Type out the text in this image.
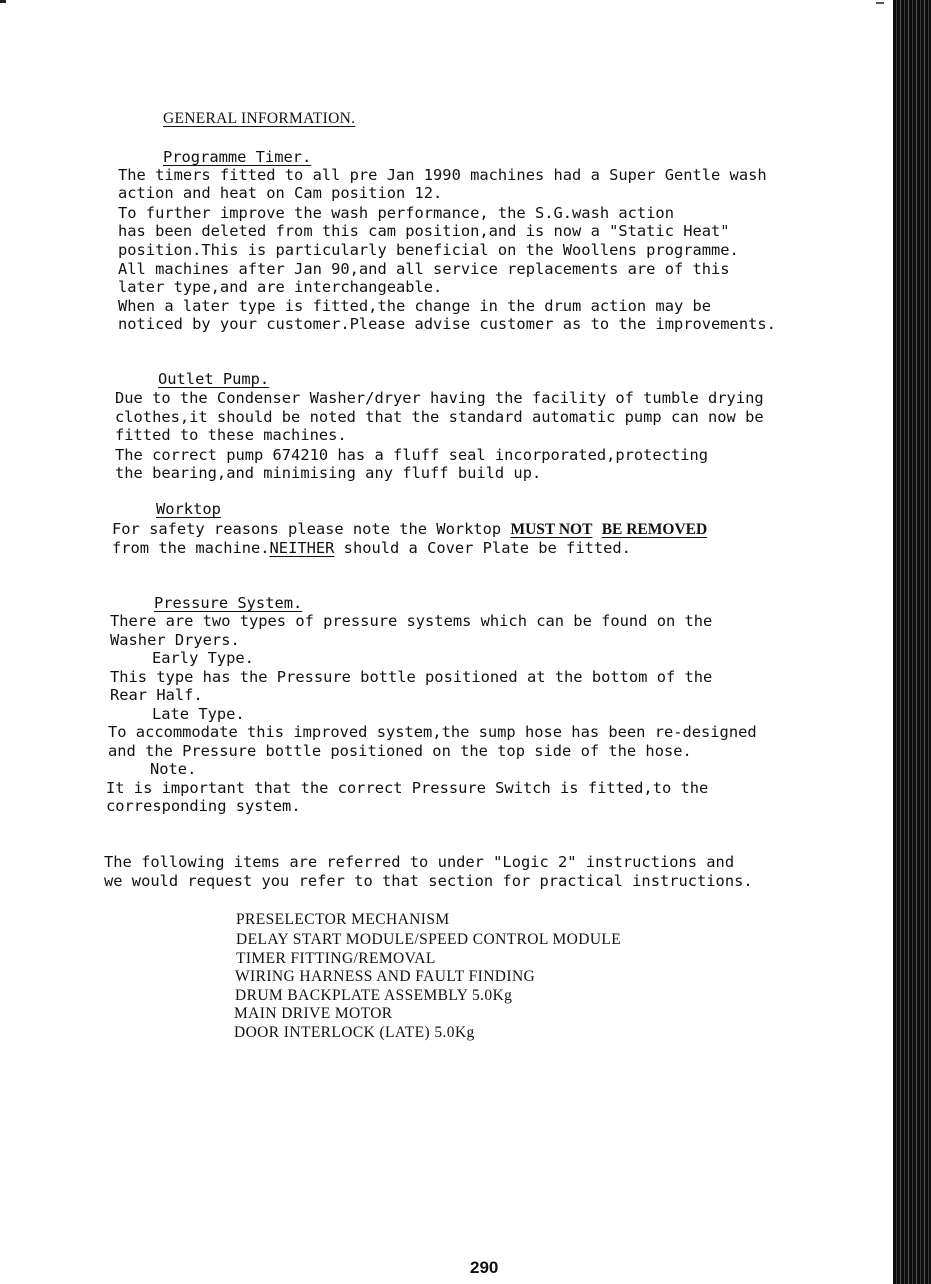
GENERAL INFORMATION.
Programme Timer.
The timers fitted to all pre Jan 1990 machines had a Super Gentle wash
action and heat on Cam position 12.
To further improve the wash performance, the S.G.wash action
has been deleted from this cam position,and is now a "Static Heat"
position.This is particularly beneficial on the Woollens programme.
All machines after Jan 90,and all service replacements are of this
later type,and are interchangeable.
When a later type is fitted,the change in the drum action may be
noticed by your customer.Please advise customer as to the improvements.
Outlet Pump.
Due to the Condenser Washer/dryer having the facility of tumble drying
clothes,it should be noted that the standard automatic pump can now be
fitted to these machines.
The correct pump 674210 has a fluff seal incorporated,protecting
the bearing,and minimising any fluff build up.
Worktop
For safety reasons please note the Worktop MUST NOT BE REMOVED
from the machine.NEITHER should a Cover Plate be fitted.
Pressure System.
There are two types of pressure systems which can be found on the
Washer Dryers.
Early Type.
This type has the Pressure bottle positioned at the bottom of the
Rear Half.
Late Type.
To accommodate this improved system,the sump hose has been re-designed
and the Pressure bottle positioned on the top side of the hose.
Note.
It is important that the correct Pressure Switch is fitted,to the
corresponding system.
The following items are referred to under "Logic 2" instructions and
we would request you refer to that section for practical instructions.
PRESELECTOR MECHANISM
DELAY START MODULE/SPEED CONTROL MODULE
TIMER FITTING/REMOVAL
WIRING HARNESS AND FAULT FINDING
DRUM BACKPLATE ASSEMBLY 5.0Kg
MAIN DRIVE MOTOR
DOOR INTERLOCK (LATE) 5.0Kg
290
